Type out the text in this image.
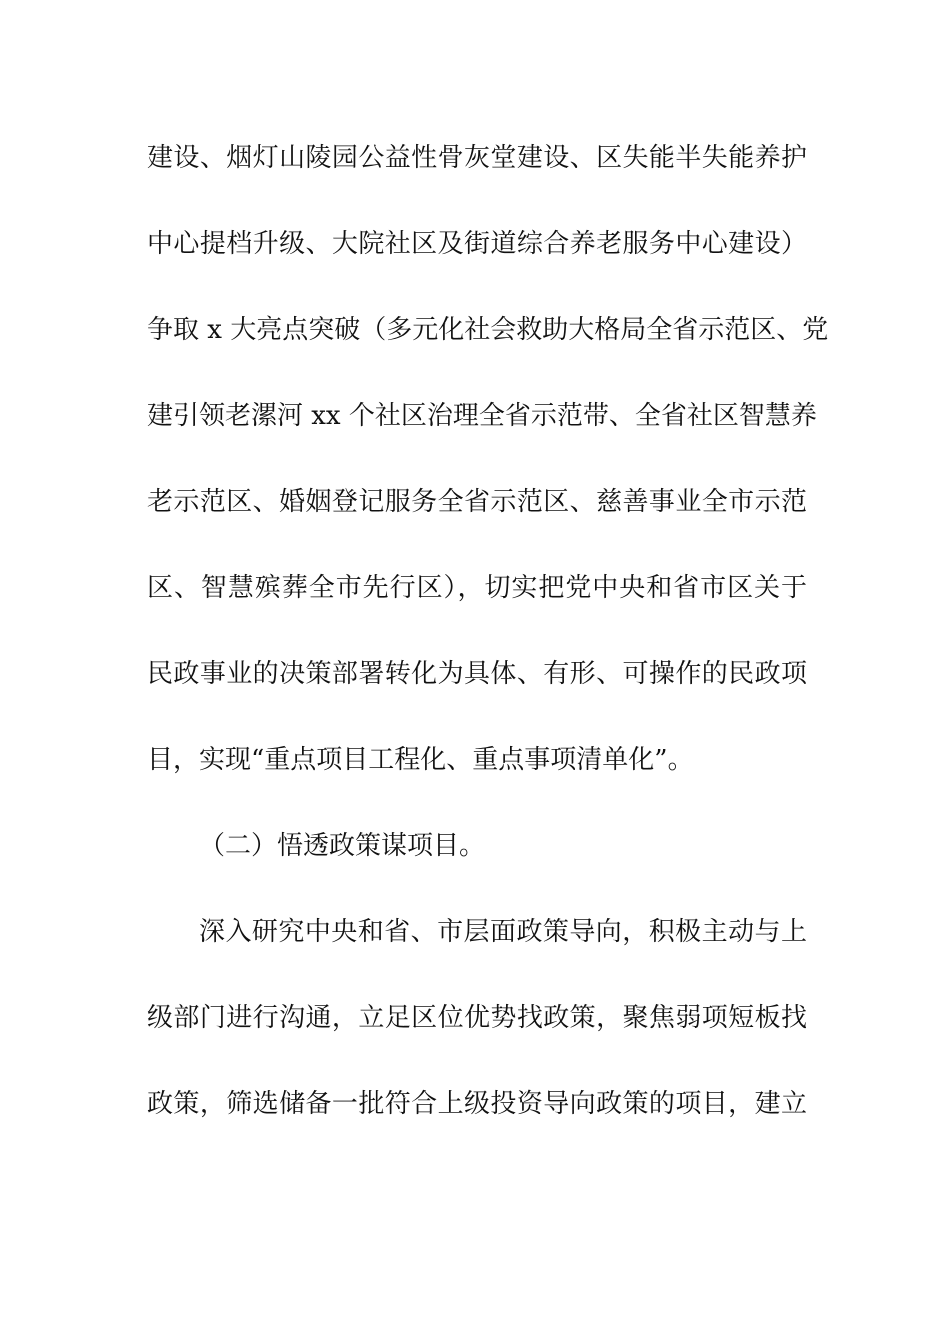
建设、烟灯山陵园公益性骨灰堂建设、区失能半失能养护
中心提档升级、大院社区及街道综合养老服务中心建设）
争取 x 大亮点突破（多元化社会救助大格局全省示范区、党
建引领老漯河 xx 个社区治理全省示范带、全省社区智慧养
老示范区、婚姻登记服务全省示范区、慈善事业全市示范
区、智慧殡葬全市先行区），切实把党中央和省市区关于
民政事业的决策部署转化为具体、有形、可操作的民政项
目，实现“重点项目工程化、重点事项清单化”。
（二）悟透政策谋项目。
深入研究中央和省、市层面政策导向，积极主动与上
级部门进行沟通，立足区位优势找政策，聚焦弱项短板找
政策，筛选储备一批符合上级投资导向政策的项目，建立
